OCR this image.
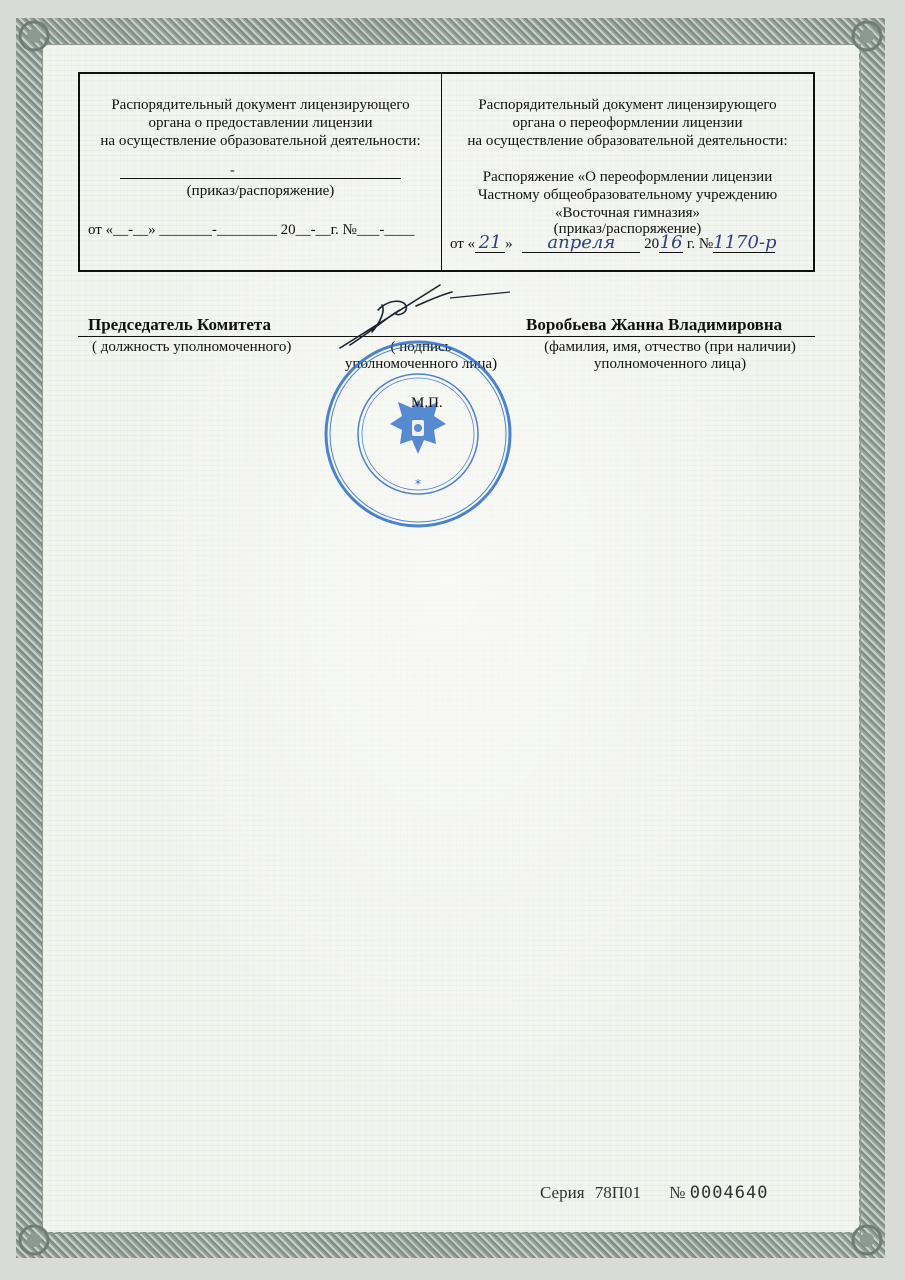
Распорядительный документ лицензирующего
органа о предоставлении лицензии
на осуществление образовательной деятельности:
-
(приказ/распоряжение)
от «__-__» _______-________ 20__-__г. №___-____
Распорядительный документ лицензирующего
органа о переоформлении лицензии
на осуществление образовательной деятельности:
Распоряжение «О переоформлении лицензии
Частному общеобразовательному учреждению
«Восточная гимназия»
(приказ/распоряжение)
от « 21 » апреля 2016 г. №1170-р
Председатель Комитета	Воробьева Жанна Владимировна
( должность уполномоченного)	( подпись
уполномоченного лица)
(фамилия, имя, отчество (при наличии)
уполномоченного лица)
*
М.П.
Серия 78П01 № 0004640
